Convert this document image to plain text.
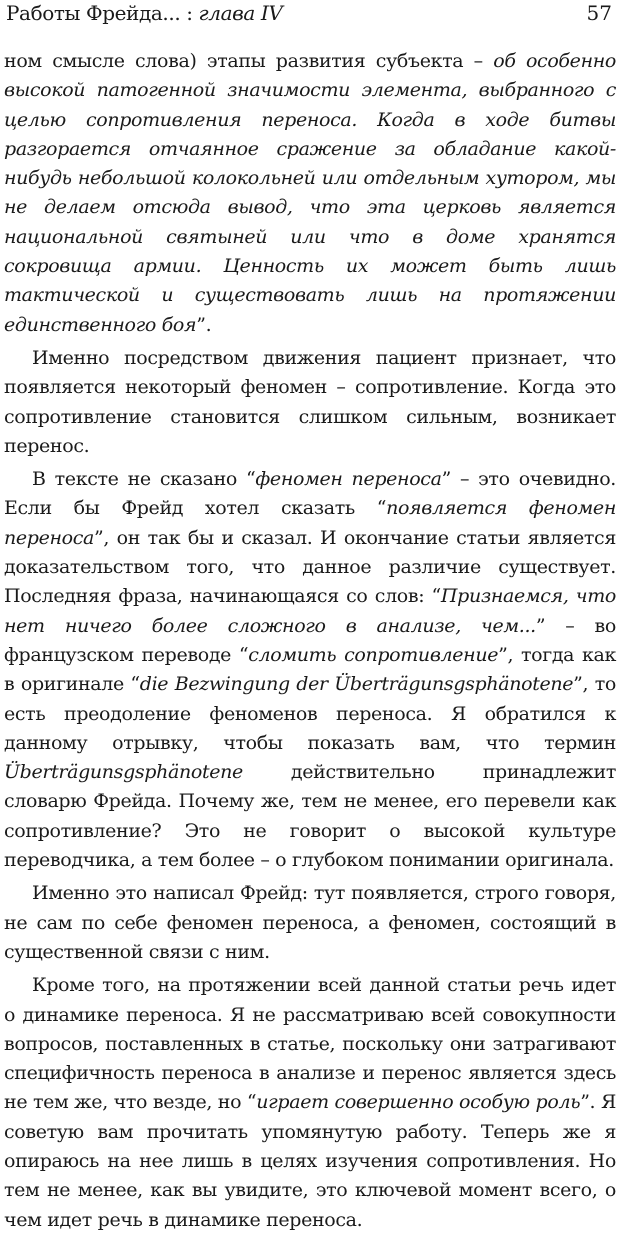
Работы Фрейда... : глава IV	57

ном смысле слова) этапы развития субъекта – об особенно высокой патогенной значимости элемента, выбранного с целью сопротивления переноса. Когда в ходе битвы разгорается отчаянное сражение за обладание какой-нибудь небольшой колокольней или отдельным хутором, мы не делаем отсюда вывод, что эта церковь является национальной святыней или что в доме хранятся сокровища армии. Ценность их может быть лишь тактической и существовать лишь на протяжении единственного боя”.

Именно посредством движения пациент признает, что появляется некоторый феномен – сопротивление. Когда это сопротивление становится слишком сильным, возникает перенос.

В тексте не сказано “феномен переноса” – это очевидно. Если бы Фрейд хотел сказать “появляется феномен переноса”, он так бы и сказал. И окончание статьи является доказательством того, что данное различие существует. Последняя фраза, начинающаяся со слов: “Признаемся, что нет ничего более сложного в анализе, чем...” – во французском переводе “сломить сопротивление”, тогда как в оригинале “die Bezwingung der Überträgunsgsphänotene”, то есть преодоление феноменов переноса. Я обратился к данному отрывку, чтобы показать вам, что термин Überträgunsgsphänotene действительно принадлежит словарю Фрейда. Почему же, тем не менее, его перевели как сопротивление? Это не говорит о высокой культуре переводчика, а тем более – о глубоком понимании оригинала.

Именно это написал Фрейд: тут появляется, строго говоря, не сам по себе феномен переноса, а феномен, состоящий в существенной связи с ним.

Кроме того, на протяжении всей данной статьи речь идет о динамике переноса. Я не рассматриваю всей совокупности вопросов, поставленных в статье, поскольку они затрагивают специфичность переноса в анализе и перенос является здесь не тем же, что везде, но “играет совершенно особую роль”. Я советую вам прочитать упомянутую работу. Теперь же я опираюсь на нее лишь в целях изучения сопротивления. Но тем не менее, как вы увидите, это ключевой момент всего, о чем идет речь в динамике переноса.
